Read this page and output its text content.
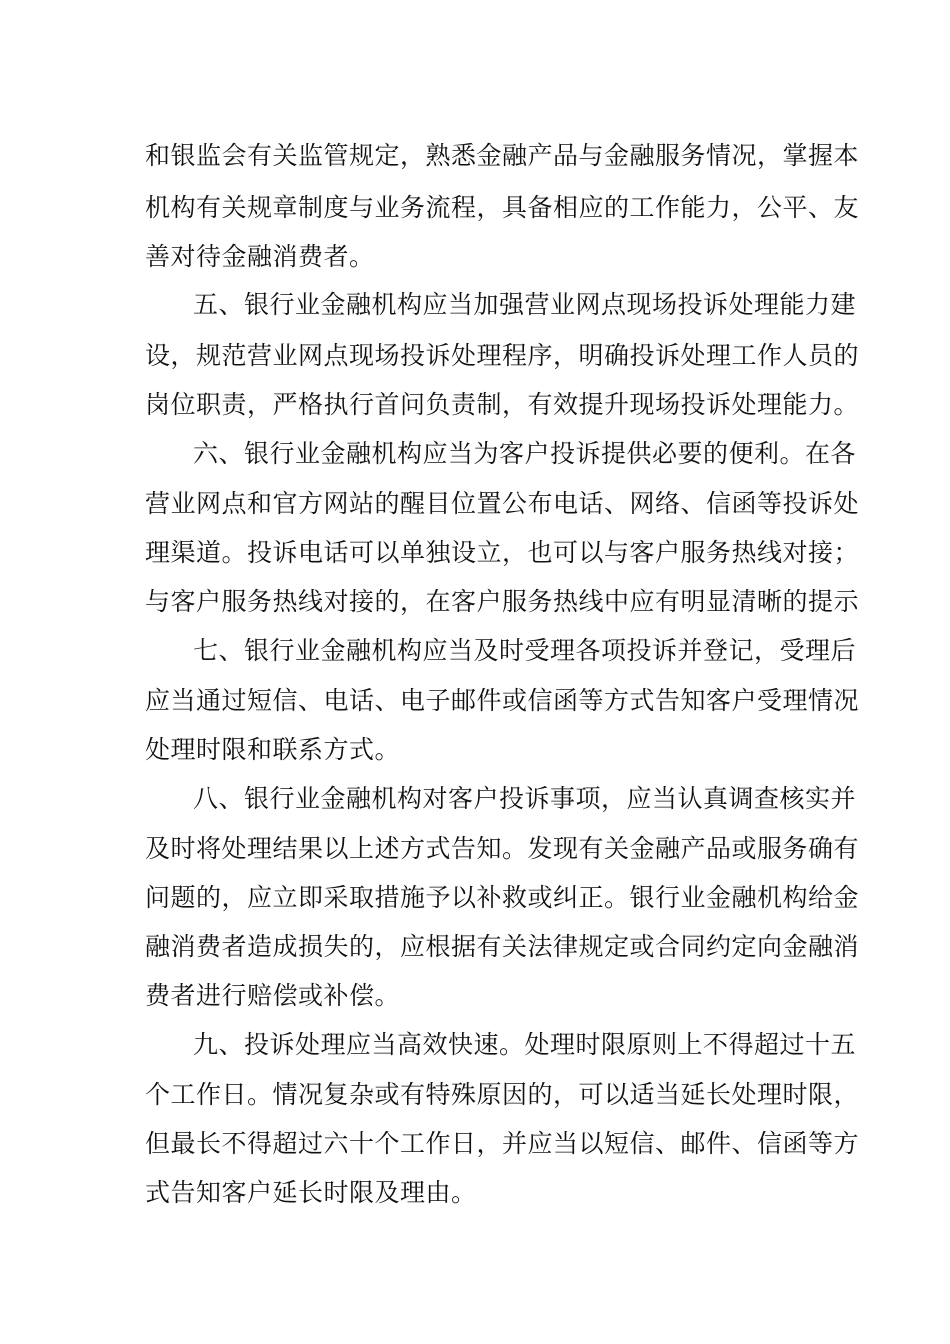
和银监会有关监管规定，熟悉金融产品与金融服务情况，掌握本
机构有关规章制度与业务流程，具备相应的工作能力，公平、友
善对待金融消费者。
五、银行业金融机构应当加强营业网点现场投诉处理能力建
设，规范营业网点现场投诉处理程序，明确投诉处理工作人员的
岗位职责，严格执行首问负责制，有效提升现场投诉处理能力。
六、银行业金融机构应当为客户投诉提供必要的便利。在各
营业网点和官方网站的醒目位置公布电话、网络、信函等投诉处
理渠道。投诉电话可以单独设立，也可以与客户服务热线对接；
与客户服务热线对接的，在客户服务热线中应有明显清晰的提示
七、银行业金融机构应当及时受理各项投诉并登记，受理后
应当通过短信、电话、电子邮件或信函等方式告知客户受理情况
处理时限和联系方式。
八、银行业金融机构对客户投诉事项，应当认真调查核实并
及时将处理结果以上述方式告知。发现有关金融产品或服务确有
问题的，应立即采取措施予以补救或纠正。银行业金融机构给金
融消费者造成损失的，应根据有关法律规定或合同约定向金融消
费者进行赔偿或补偿。
九、投诉处理应当高效快速。处理时限原则上不得超过十五
个工作日。情况复杂或有特殊原因的，可以适当延长处理时限，
但最长不得超过六十个工作日，并应当以短信、邮件、信函等方
式告知客户延长时限及理由。
